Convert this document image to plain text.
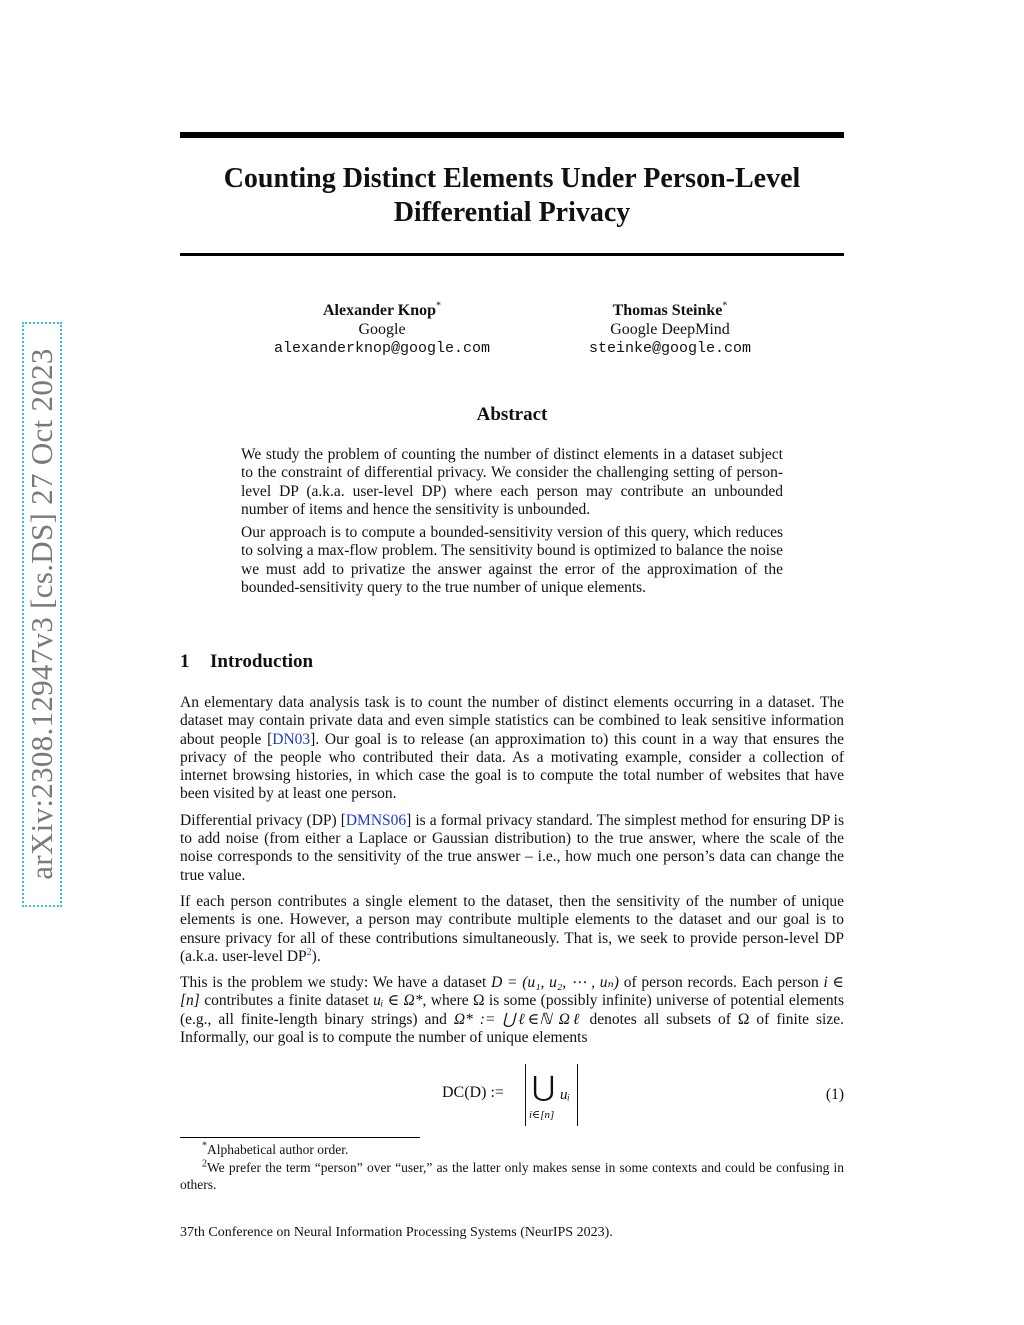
arXiv:2308.12947v3 [cs.DS] 27 Oct 2023
Counting Distinct Elements Under Person-Level
Differential Privacy
Alexander Knop*
Google
alexanderknop@google.com
Thomas Steinke*
Google DeepMind
steinke@google.com
Abstract

We study the problem of counting the number of distinct elements in a dataset subject to the constraint of differential privacy. We consider the challenging setting of person-level DP (a.k.a. user-level DP) where each person may contribute an unbounded number of items and hence the sensitivity is unbounded.

Our approach is to compute a bounded-sensitivity version of this query, which reduces to solving a max-flow problem. The sensitivity bound is optimized to balance the noise we must add to privatize the answer against the error of the approximation of the bounded-sensitivity query to the true number of unique elements.

1 Introduction

An elementary data analysis task is to count the number of distinct elements occurring in a dataset. The dataset may contain private data and even simple statistics can be combined to leak sensitive information about people [DN03]. Our goal is to release (an approximation to) this count in a way that ensures the privacy of the people who contributed their data. As a motivating example, consider a collection of internet browsing histories, in which case the goal is to compute the total number of websites that have been visited by at least one person.

Differential privacy (DP) [DMNS06] is a formal privacy standard. The simplest method for ensuring DP is to add noise (from either a Laplace or Gaussian distribution) to the true answer, where the scale of the noise corresponds to the sensitivity of the true answer – i.e., how much one person’s data can change the true value.

If each person contributes a single element to the dataset, then the sensitivity of the number of unique elements is one. However, a person may contribute multiple elements to the dataset and our goal is to ensure privacy for all of these contributions simultaneously. That is, we seek to provide person-level DP (a.k.a. user-level DP$^2$).

This is the problem we study: We have a dataset D = (u₁, u₂, ⋯ , uₙ) of person records. Each person i ∈ [n] contributes a finite dataset uᵢ ∈ Ω*, where Ω is some (possibly infinite) universe of potential elements (e.g., all finite-length binary strings) and Ω* := ⋃ℓ∈ℕ Ωℓ denotes all subsets of Ω of finite size. Informally, our goal is to compute the number of unique elements

DC(D) := ⋃
i∈[n]
uᵢ	(1)

*Alphabetical author order.

$^2$We prefer the term “person” over “user,” as the latter only makes sense in some contexts and could be confusing in others.

37th Conference on Neural Information Processing Systems (NeurIPS 2023).
